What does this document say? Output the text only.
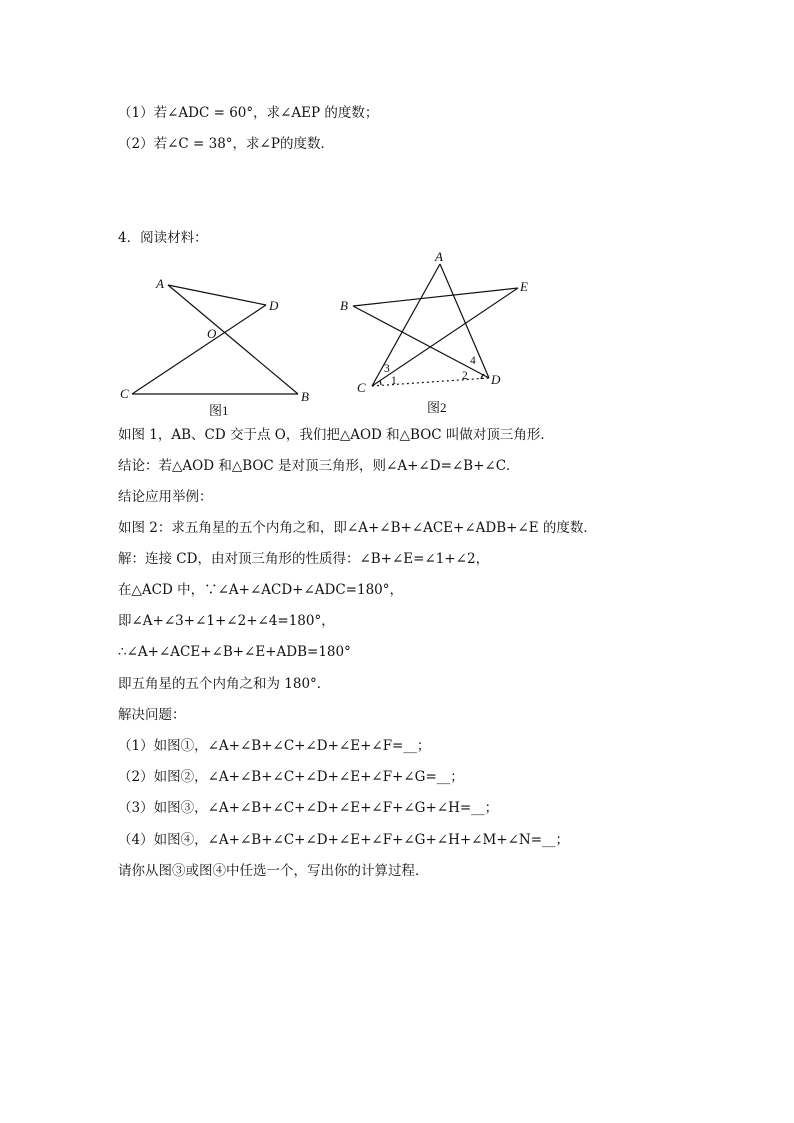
（1）若∠ADC = 60°，求∠AEP 的度数；
（2）若∠C = 38°，求∠P的度数．
4．阅读材料：
A
D
O
C	B
图1
A
B
E
C
D
3
1	2
4
图2
如图 1，AB、CD 交于点 O，我们把△AOD 和△BOC 叫做对顶三角形．
结论：若△AOD 和△BOC 是对顶三角形，则∠A+∠D=∠B+∠C．
结论应用举例：
如图 2：求五角星的五个内角之和，即∠A+∠B+∠ACE+∠ADB+∠E 的度数．
解：连接 CD，由对顶三角形的性质得：∠B+∠E=∠1+∠2，
在△ACD 中，∵∠A+∠ACD+∠ADC=180°，
即∠A+∠3+∠1+∠2+∠4=180°，
∴∠A+∠ACE+∠B+∠E+ADB=180°
即五角星的五个内角之和为 180°．
解决问题：
（1）如图①，∠A+∠B+∠C+∠D+∠E+∠F=__；
（2）如图②，∠A+∠B+∠C+∠D+∠E+∠F+∠G=__；
（3）如图③，∠A+∠B+∠C+∠D+∠E+∠F+∠G+∠H=__；
（4）如图④，∠A+∠B+∠C+∠D+∠E+∠F+∠G+∠H+∠M+∠N=__；
请你从图③或图④中任选一个，写出你的计算过程．
